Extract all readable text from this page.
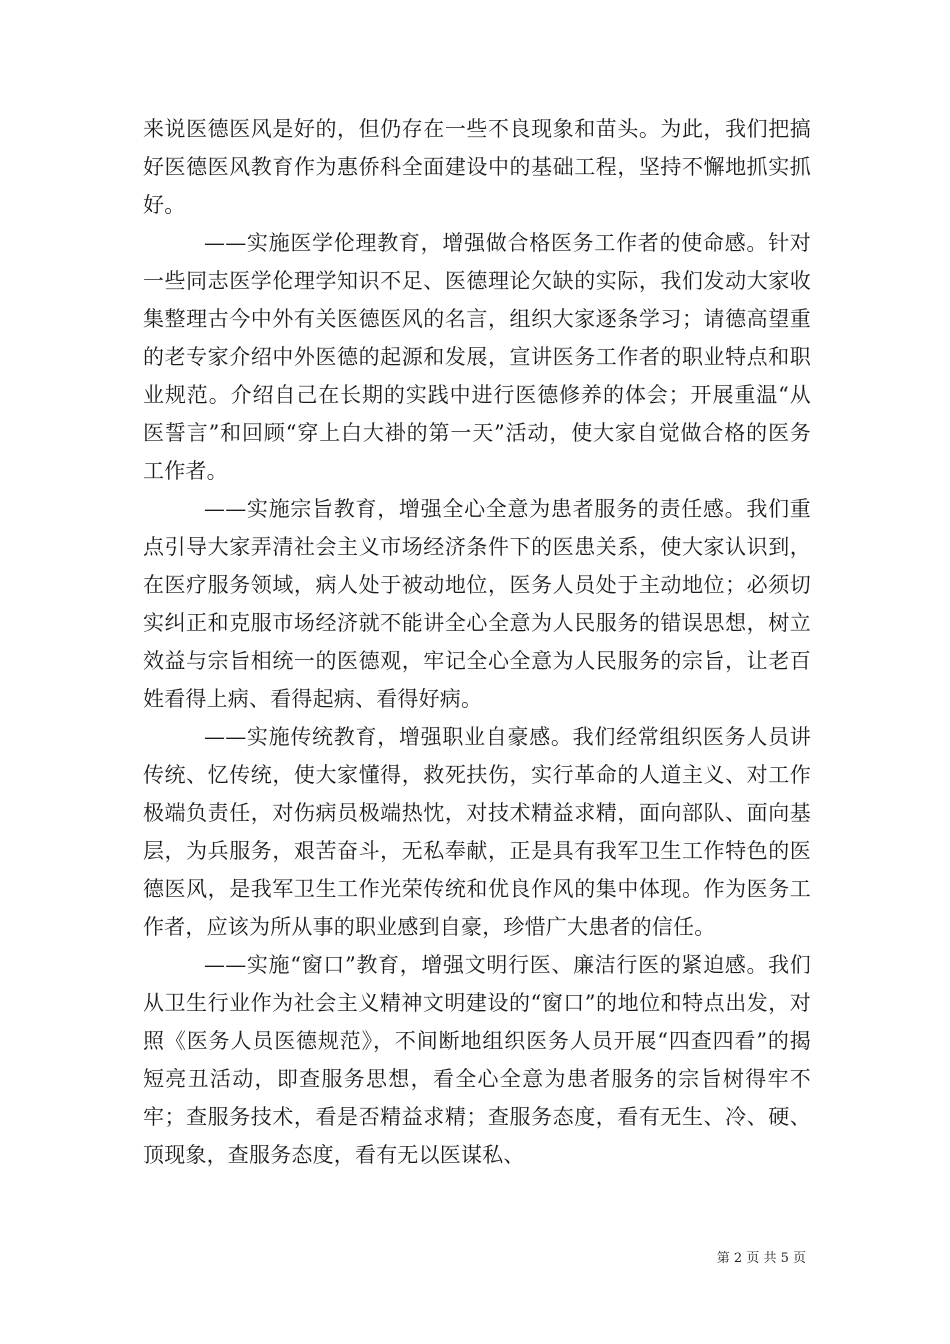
来说医德医风是好的，但仍存在一些不良现象和苗头。为此，我们把搞好医德医风教育作为惠侨科全面建设中的基础工程，坚持不懈地抓实抓好。

——实施医学伦理教育，增强做合格医务工作者的使命感。针对一些同志医学伦理学知识不足、医德理论欠缺的实际，我们发动大家收集整理古今中外有关医德医风的名言，组织大家逐条学习；请德高望重的老专家介绍中外医德的起源和发展，宣讲医务工作者的职业特点和职业规范。介绍自己在长期的实践中进行医德修养的体会；开展重温“从医誓言”和回顾“穿上白大褂的第一天”活动，使大家自觉做合格的医务工作者。

——实施宗旨教育，增强全心全意为患者服务的责任感。我们重点引导大家弄清社会主义市场经济条件下的医患关系，使大家认识到，在医疗服务领域，病人处于被动地位，医务人员处于主动地位；必须切实纠正和克服市场经济就不能讲全心全意为人民服务的错误思想，树立效益与宗旨相统一的医德观，牢记全心全意为人民服务的宗旨，让老百姓看得上病、看得起病、看得好病。

——实施传统教育，增强职业自豪感。我们经常组织医务人员讲传统、忆传统，使大家懂得，救死扶伤，实行革命的人道主义、对工作极端负责任，对伤病员极端热忱，对技术精益求精，面向部队、面向基层，为兵服务，艰苦奋斗，无私奉献，正是具有我军卫生工作特色的医德医风，是我军卫生工作光荣传统和优良作风的集中体现。作为医务工作者，应该为所从事的职业感到自豪，珍惜广大患者的信任。

——实施“窗口”教育，增强文明行医、廉洁行医的紧迫感。我们从卫生行业作为社会主义精神文明建设的“窗口”的地位和特点出发，对照《医务人员医德规范》，不间断地组织医务人员开展“四查四看”的揭短亮丑活动，即查服务思想，看全心全意为患者服务的宗旨树得牢不牢；查服务技术，看是否精益求精；查服务态度，看有无生、冷、硬、顶现象，查服务态度，看有无以医谋私、

第 2 页 共 5 页
